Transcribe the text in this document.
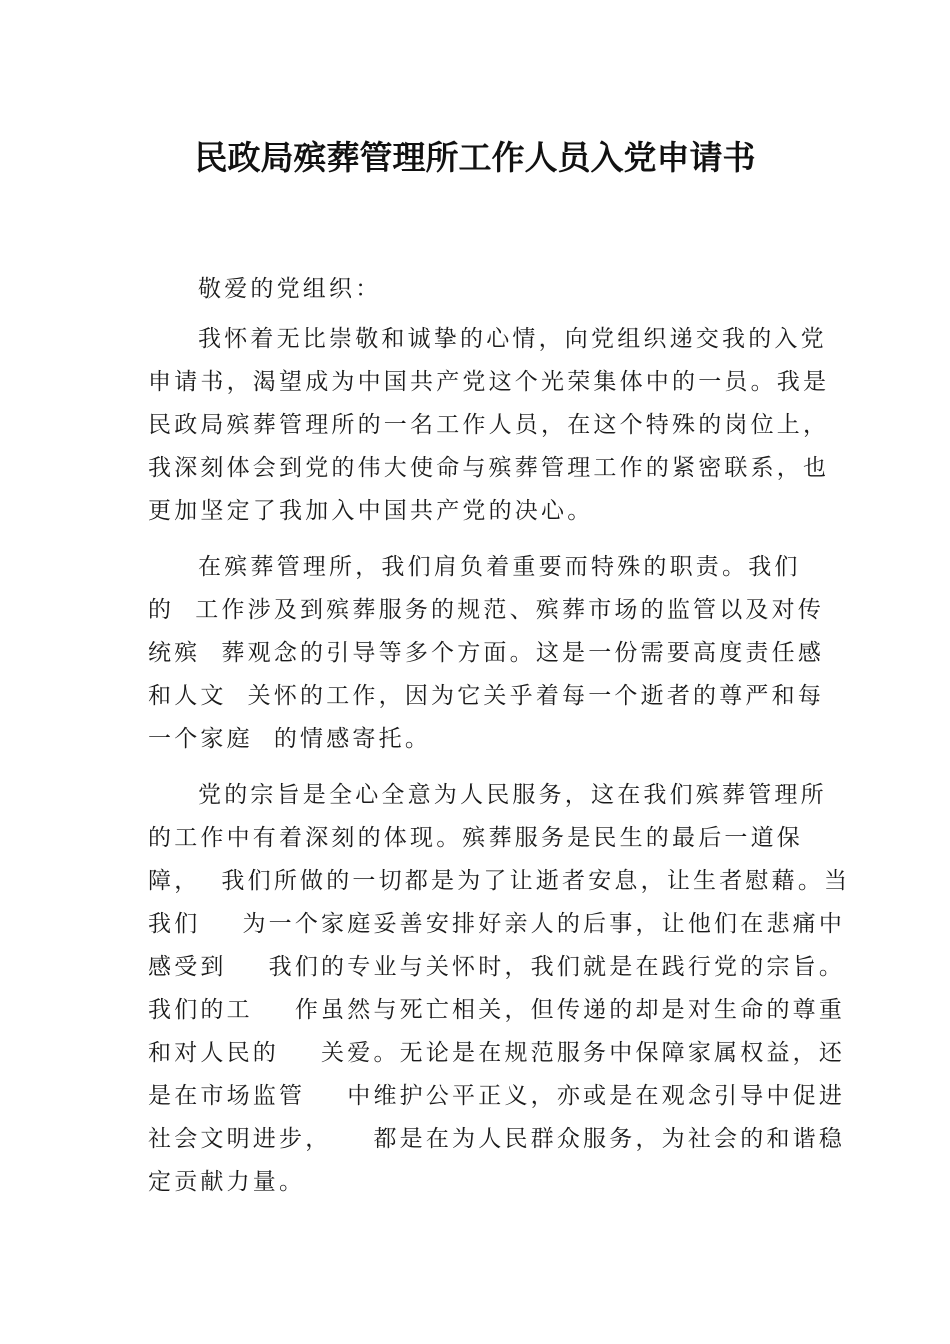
民政局殡葬管理所工作人员入党申请书
敬爱的党组织：
我怀着无比崇敬和诚挚的心情，向党组织递交我的入党
申请书，渴望成为中国共产党这个光荣集体中的一员。我是
民政局殡葬管理所的一名工作人员，在这个特殊的岗位上，
我深刻体会到党的伟大使命与殡葬管理工作的紧密联系，也
更加坚定了我加入中国共产党的决心。
在殡葬管理所，我们肩负着重要而特殊的职责。我们
的  工作涉及到殡葬服务的规范、殡葬市场的监管以及对传
统殡  葬观念的引导等多个方面。这是一份需要高度责任感
和人文  关怀的工作，因为它关乎着每一个逝者的尊严和每
一个家庭  的情感寄托。
党的宗旨是全心全意为人民服务，这在我们殡葬管理所
的工作中有着深刻的体现。殡葬服务是民生的最后一道保
障，  我们所做的一切都是为了让逝者安息，让生者慰藉。当
我们    为一个家庭妥善安排好亲人的后事，让他们在悲痛中
感受到    我们的专业与关怀时，我们就是在践行党的宗旨。
我们的工    作虽然与死亡相关，但传递的却是对生命的尊重
和对人民的    关爱。无论是在规范服务中保障家属权益，还
是在市场监管    中维护公平正义，亦或是在观念引导中促进
社会文明进步，    都是在为人民群众服务，为社会的和谐稳
定贡献力量。
